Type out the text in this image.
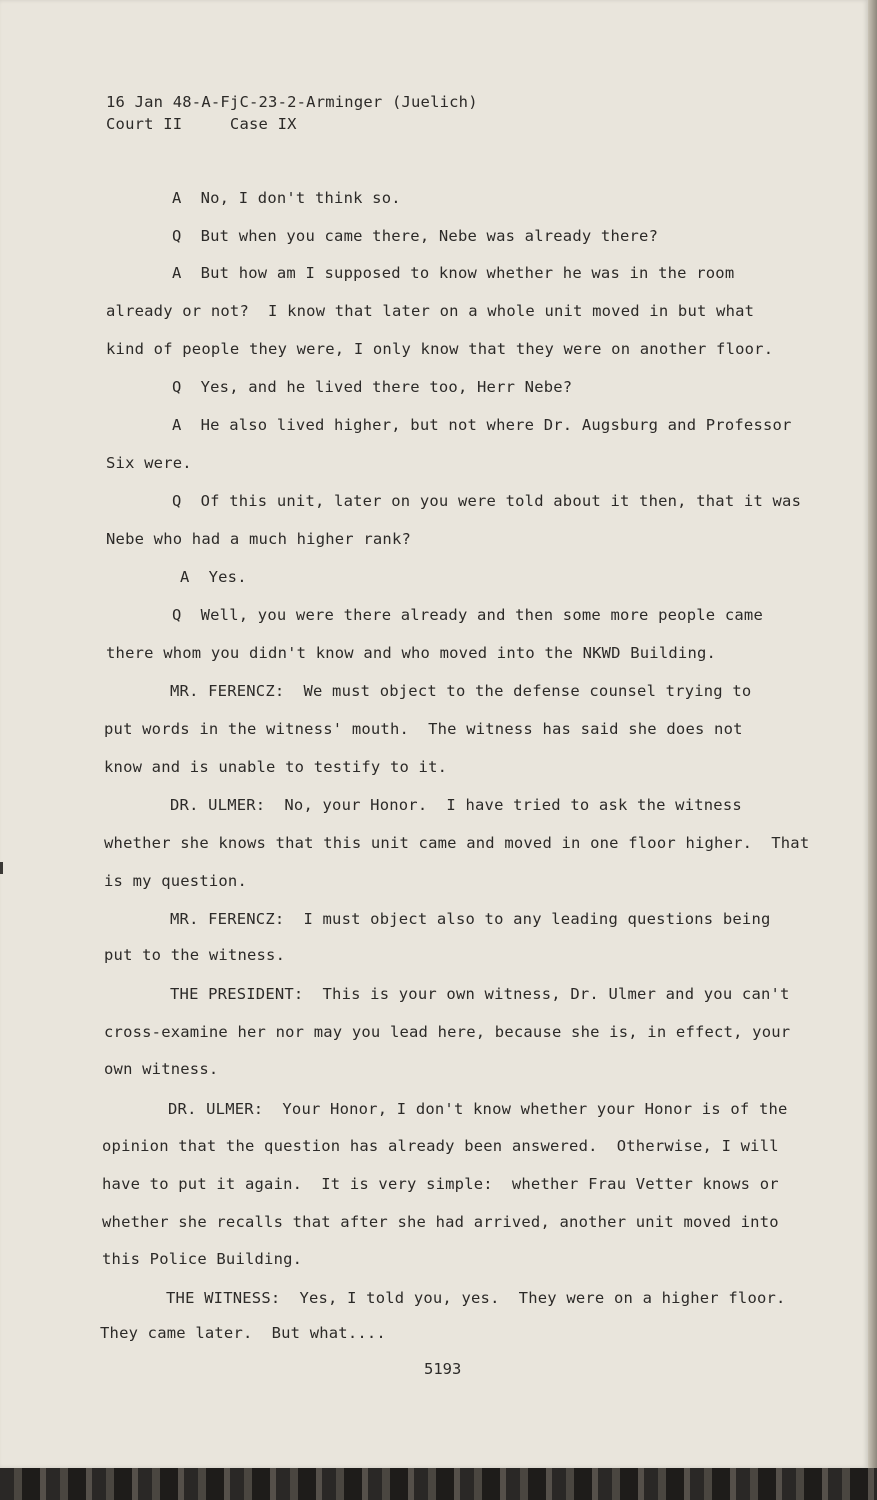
16 Jan 48-A-FjC-23-2-Arminger (Juelich)
Court II     Case IX
A  No, I don't think so.
Q  But when you came there, Nebe was already there?
A  But how am I supposed to know whether he was in the room
already or not?  I know that later on a whole unit moved in but what
kind of people they were, I only know that they were on another floor.
Q  Yes, and he lived there too, Herr Nebe?
A  He also lived higher, but not where Dr. Augsburg and Professor
Six were.
Q  Of this unit, later on you were told about it then, that it was
Nebe who had a much higher rank?
A  Yes.
Q  Well, you were there already and then some more people came
there whom you didn't know and who moved into the NKWD Building.
MR. FERENCZ:  We must object to the defense counsel trying to
put words in the witness' mouth.  The witness has said she does not
know and is unable to testify to it.
DR. ULMER:  No, your Honor.  I have tried to ask the witness
whether she knows that this unit came and moved in one floor higher.  That
is my question.
MR. FERENCZ:  I must object also to any leading questions being
put to the witness.
THE PRESIDENT:  This is your own witness, Dr. Ulmer and you can't
cross-examine her nor may you lead here, because she is, in effect, your
own witness.
DR. ULMER:  Your Honor, I don't know whether your Honor is of the
opinion that the question has already been answered.  Otherwise, I will
have to put it again.  It is very simple:  whether Frau Vetter knows or
whether she recalls that after she had arrived, another unit moved into
this Police Building.
THE WITNESS:  Yes, I told you, yes.  They were on a higher floor.
They came later.  But what....
5193
